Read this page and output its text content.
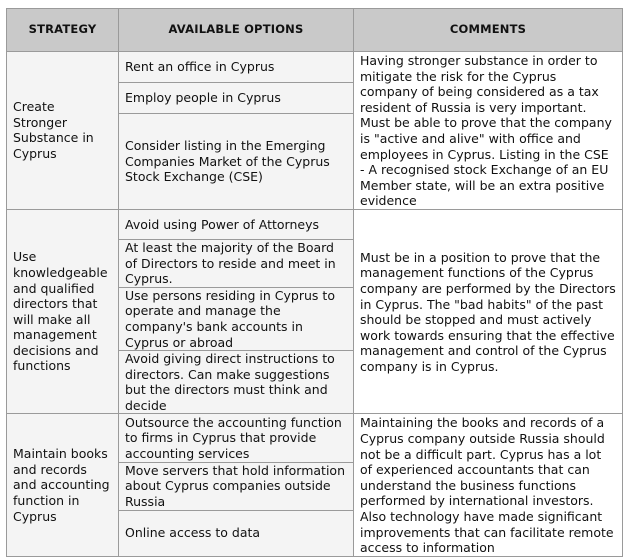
STRATEGY	AVAILABLE OPTIONS	COMMENTS
Create Stronger Substance in Cyprus	Rent an office in Cyprus	Having stronger substance in order to mitigate the risk for the Cyprus company of being considered as a tax resident of Russia is very important. Must be able to prove that the company is "active and alive" with office and employees in Cyprus. Listing in the CSE - A recognised stock Exchange of an EU Member state, will be an extra positive evidence
	Employ people in Cyprus	
	Consider listing in the Emerging Companies Market of the Cyprus Stock Exchange (CSE)	
Use knowledgeable and qualified directors that will make all management decisions and functions	Avoid using Power of Attorneys	Must be in a position to prove that the management functions of the Cyprus company are performed by the Directors in Cyprus. The "bad habits" of the past should be stopped and must actively work towards ensuring that the effective management and control of the Cyprus company is in Cyprus.
	At least the majority of the Board of Directors to reside and meet in Cyprus.	
	Use persons residing in Cyprus to operate and manage the company's bank accounts in Cyprus or abroad	
	Avoid giving direct instructions to directors. Can make suggestions but the directors must think and decide	
Maintain books and records and accounting function in Cyprus	Outsource the accounting function to firms in Cyprus that provide accounting services	Maintaining the books and records of a Cyprus company outside Russia should not be a difficult part. Cyprus has a lot of experienced accountants that can understand the business functions performed by international investors. Also technology have made significant improvements that can facilitate remote access to information
	Move servers that hold information about Cyprus companies outside Russia	
	Online access to data	
